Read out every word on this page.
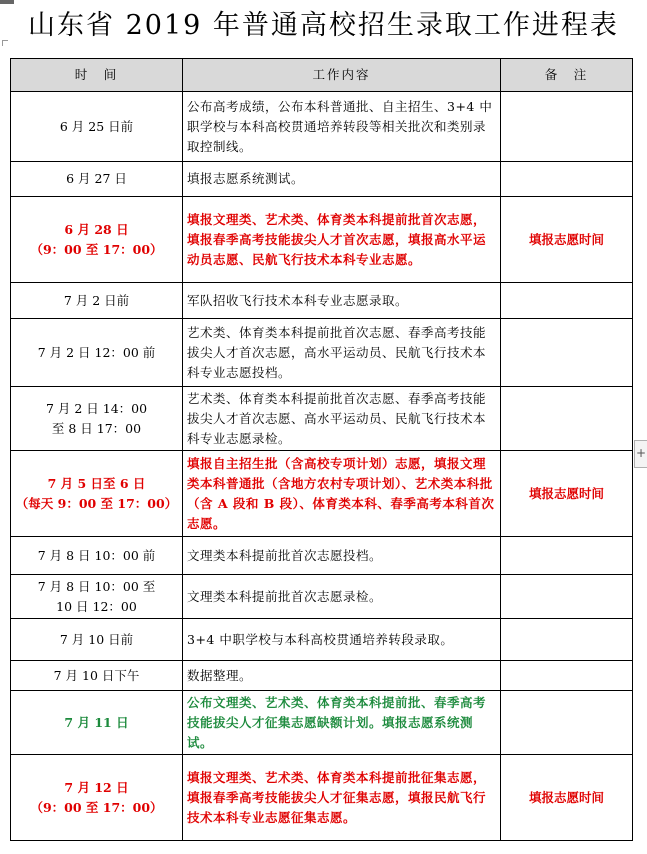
山东省 2019 年普通高校招生录取工作进程表
时　间	工作内容	备　注

6 月 25 日前	公布高考成绩，公布本科普通批、自主招生、3+4 中职学校与本科高校贯通培养转段等相关批次和类别录取控制线。	

6 月 27 日	填报志愿系统测试。	

6 月 28 日
（9：00 至 17：00）	填报文理类、艺术类、体育类本科提前批首次志愿，填报春季高考技能拔尖人才首次志愿，填报高水平运动员志愿、民航飞行技术本科专业志愿。	填报志愿时间

7 月 2 日前	军队招收飞行技术本科专业志愿录取。	

7 月 2 日 12：00 前	艺术类、体育类本科提前批首次志愿、春季高考技能拔尖人才首次志愿，高水平运动员、民航飞行技术本科专业志愿投档。	

7 月 2 日 14：00
至 8 日 17：00	艺术类、体育类本科提前批首次志愿、春季高考技能拔尖人才首次志愿、高水平运动员、民航飞行技术本科专业志愿录检。	

7 月 5 日至 6 日
（每天 9：00 至 17：00）	填报自主招生批（含高校专项计划）志愿，填报文理类本科普通批（含地方农村专项计划）、艺术类本科批（含 A 段和 B 段）、体育类本科、春季高考本科首次志愿。	填报志愿时间

7 月 8 日 10：00 前	文理类本科提前批首次志愿投档。	

7 月 8 日 10：00 至
10 日 12：00	文理类本科提前批首次志愿录检。	

7 月 10 日前	3+4 中职学校与本科高校贯通培养转段录取。	

7 月 10 日下午	数据整理。	

7 月 11 日	公布文理类、艺术类、体育类本科提前批、春季高考技能拔尖人才征集志愿缺额计划。填报志愿系统测试。	

7 月 12 日
（9：00 至 17：00）	填报文理类、艺术类、体育类本科提前批征集志愿，填报春季高考技能拔尖人才征集志愿，填报民航飞行技术本科专业志愿征集志愿。	填报志愿时间
+
